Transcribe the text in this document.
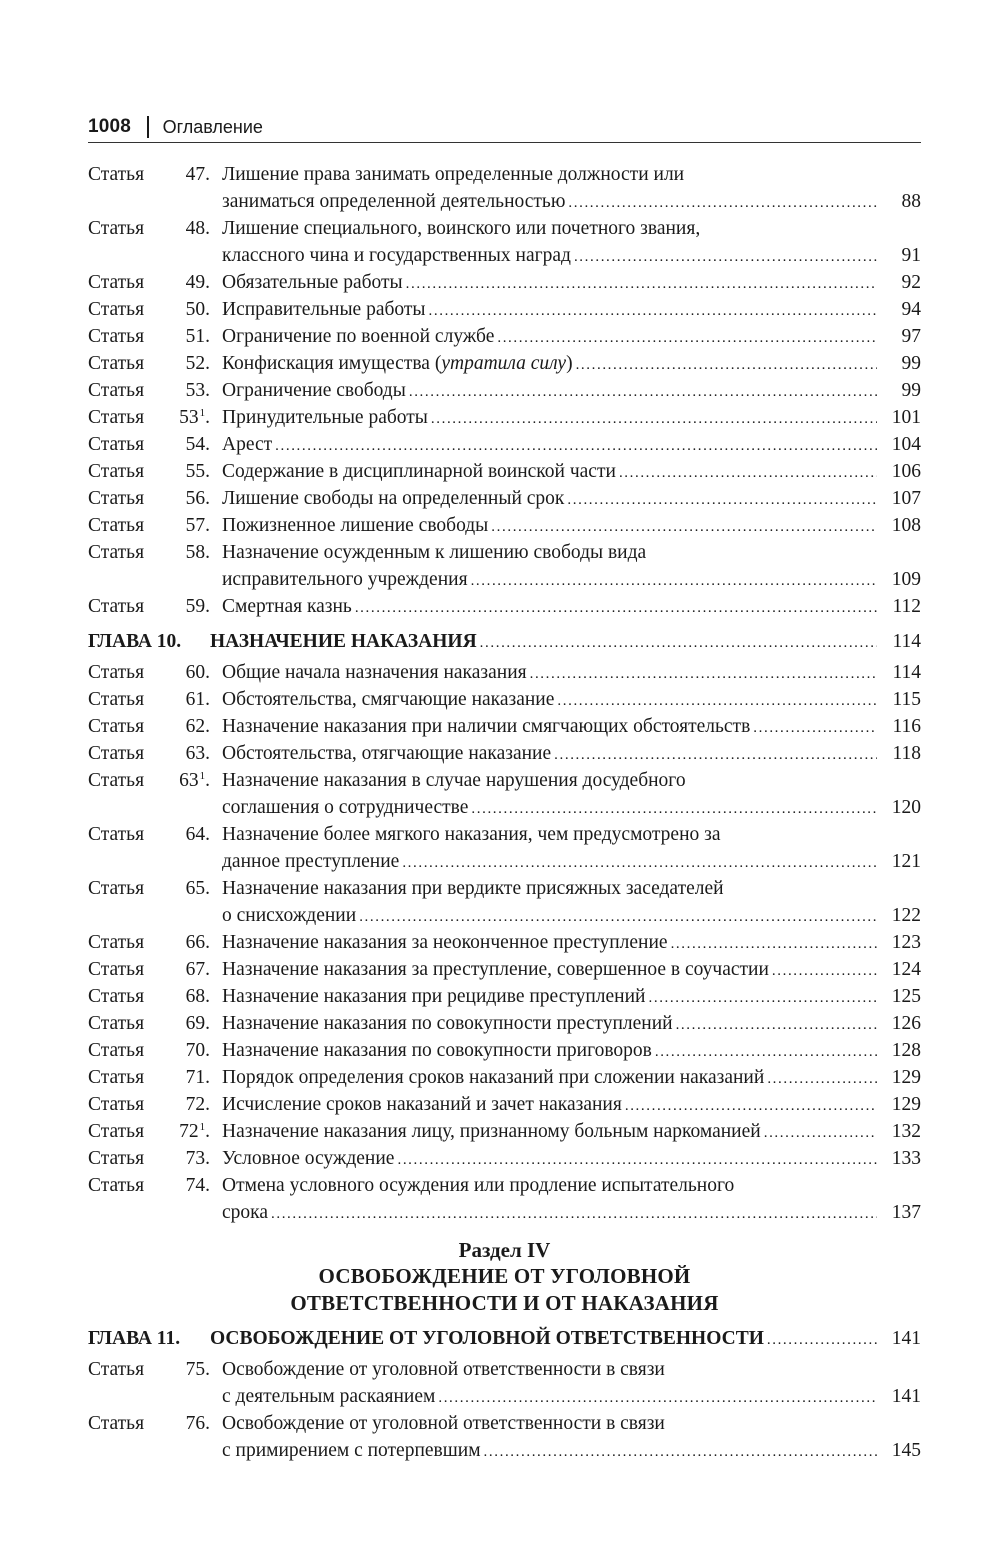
1008 Оглавление
Статья	47. Лишение права занимать определенные должности или
заниматься определенной деятельностью .....	88
Статья	48. Лишение специального, воинского или почетного звания,
классного чина и государственных наград .....	91
Статья	49. Обязательные работы .....	92
Статья	50. Исправительные работы .....	94
Статья	51. Ограничение по военной службе .....	97
Статья	52. Конфискация имущества ( утратила силу ) .....	99
Статья	53. Ограничение свободы .....	99
Статья	$53^1$. Принудительные работы .....	101
Статья	54. Арест .....	104
Статья	55. Содержание в дисциплинарной воинской части .....	106
Статья	56. Лишение свободы на определенный срок .....	107
Статья	57. Пожизненное лишение свободы .....	108
Статья	58. Назначение осужденным к лишению свободы вида
исправительного учреждения .....	109
Статья	59. Смертная казнь .....	112
ГЛАВА 10.	НАЗНАЧЕНИЕ НАКАЗАНИЯ .....	114
Статья	60. Общие начала назначения наказания .....	114
Статья	61. Обстоятельства, смягчающие наказание .....	115
Статья	62. Назначение наказания при наличии смягчающих обстоятельств .....	116
Статья	63. Обстоятельства, отягчающие наказание .....	118
Статья	$63^1$. Назначение наказания в случае нарушения досудебного
соглашения о сотрудничестве .....	120
Статья	64. Назначение более мягкого наказания, чем предусмотрено за
данное преступление .....	121
Статья	65. Назначение наказания при вердикте присяжных заседателей
о снисхождении .....	122
Статья	66. Назначение наказания за неоконченное преступление .....	123
Статья	67. Назначение наказания за преступление, совершенное в соучастии .....	124
Статья	68. Назначение наказания при рецидиве преступлений .....	125
Статья	69. Назначение наказания по совокупности преступлений .....	126
Статья	70. Назначение наказания по совокупности приговоров .....	128
Статья	71. Порядок определения сроков наказаний при сложении наказаний .....	129
Статья	72. Исчисление сроков наказаний и зачет наказания .....	129
Статья	$72^1$. Назначение наказания лицу, признанному больным наркоманией .....	132
Статья	73. Условное осуждение .....	133
Статья	74. Отмена условного осуждения или продление испытательного
срока .....	137
Раздел IV
ОСВОБОЖДЕНИЕ ОТ УГОЛОВНОЙ
ОТВЕТСТВЕННОСТИ И ОТ НАКАЗАНИЯ
ГЛАВА 11.	ОСВОБОЖДЕНИЕ ОТ УГОЛОВНОЙ ОТВЕТСТВЕННОСТИ .....	141
Статья	75. Освобождение от уголовной ответственности в связи
с деятельным раскаянием .....	141
Статья	76. Освобождение от уголовной ответственности в связи
с примирением с потерпевшим .....	145
